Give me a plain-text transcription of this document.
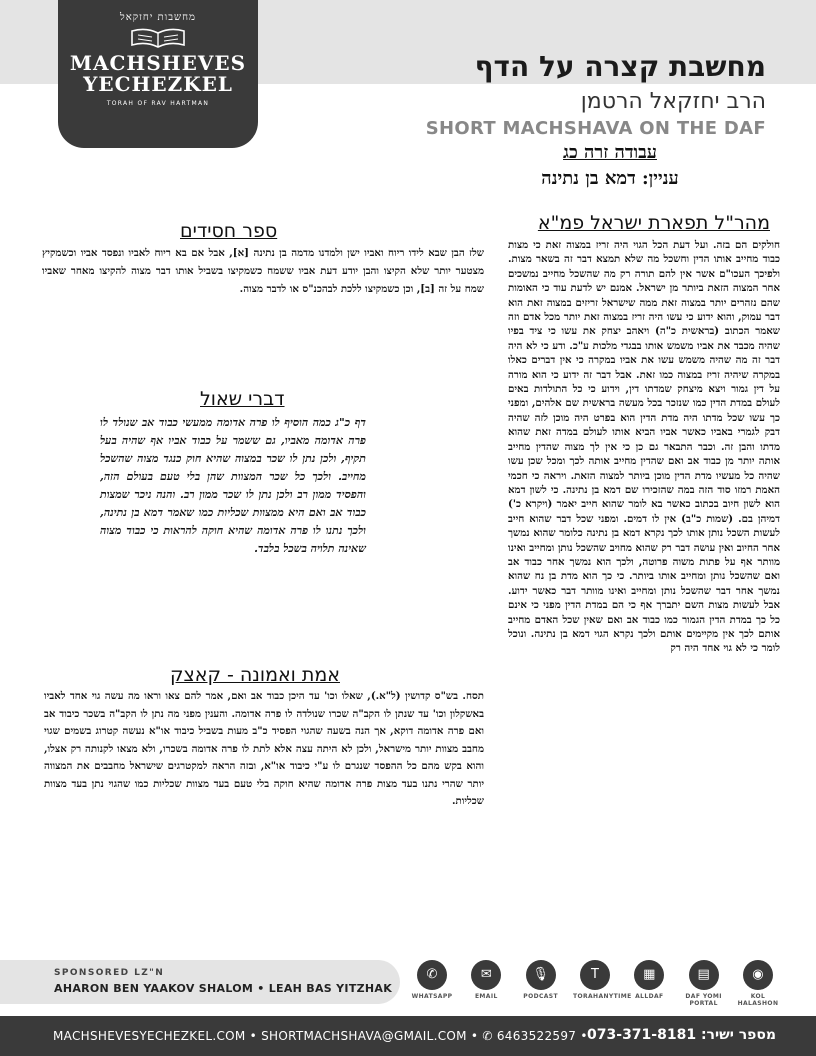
מחשבות יחזקאל
MACHSHEVES
YECHEZKEL
TORAH OF RAV HARTMAN
מחשבת קצרה על הדף
הרב יחזקאל הרטמן
SHORT MACHSHAVA ON THE DAF
עבודה זרה כג
עניין: דמא בן נתינה
מהר"ל תפארת ישראל פמ"א
חולקים הם בזה. ועל דעת הכל הגוי היה זריז במצוה זאת כי מצות כבוד מחייב אותו הדין וחשכל מה שלא תמצא דבר זה בשאר מצות. ולפיכך העכו"ם אשר אין להם תורה רק מה שהשכל מחייב נמשכים אחר המצוה הזאת ביותר מן ישראל. אמנם יש לדעת עוד כי האומות שהם נזהרים יותר במצוה זאת ממה שישראל זריזים במצוה זאת הוא דבר עמוק, והוא ידוע כי עשו היה זריז במצוה זאת יותר מכל אדם וזה שאמר הכתוב (בראשית כ"ה) ויאהב יצחק את עשו כי ציד בפיו שהיה מכבד את אביו משמש אותו בבגדי מלכות ע"כ. ודע כי לא היה דבר זה מה שהיה משמש עשו את אביו במקרה כי אין דברים כאלו במקרה שיהיה זריז במצוה כמו זאת. אבל דבר זה ידוע כי הוא מורה על דין גמור ויצא מיצחק שמדתו דין, וידוע כי כל התולדות באים לעולם במדת הדין כמו שנזכר בכל מעשה בראשית שם אלהים, ומפני כך עשו שכל מדתו היה מדת הדין הוא בפרט היה מוכן לזה שהיה דבק לגמרי באביו כאשר אביו הביא אותו לעולם במדה זאת שהוא מדתו והבן זה. וכבר התבאר גם כן כי אין לך מצוה שהדין מחייב אותה יותר מן כבוד אב ואם שהדין מחייב אותה לכך ומכל שכן עשו שהיה כל מעשיו מדת הדין מוכן ביותר למצוה הזאת. ויראה כי חכמי האמת רמזו סוד הזה במה שהזכירו שם דמא בן נתינה. כי לשון דמא הוא לשון חיוב בכתוב כאשר בא לומר שהוא חייב יאמר (ויקרא כ') דמיהן בם. (שמות כ"ב) אין לו דמים. ומפני שכל דבר שהוא חייב לעשות השכל נותן אותו לכך נקרא דמא בן נתינה כלומר שהוא נמשך אחר החיוב ואין עושה דבר רק שהוא מחויב שהשכל נותן ומחייב ואינו מוותר אף על פתות משוה פרוטה, ולכך הוא נמשך אחר כבוד אב ואם שהשכל נותן ומחייב אותו ביותר. כי כך הוא מדת בן נח שהוא נמשך אחר דבר שהשכל נותן ומחייב ואינו מוותר דבר כאשר ידוע. אבל לעשות מצות השם יתברך אף כי הם במדת הדין מפני כי אינם כל כך במדת הדין הגמור כמו כבוד אב ואם שאין שכל האדם מחייב אותם לכך אין מקיימים אותם ולכך נקרא הגוי דמא בן נתינה. ונוכל לומר כי לא גוי אחד היה רק
ספר חסידים
שלז הבן שבא לידו ריוח ואביו ישן ולמדנו מדמה בן נתינה [א], אבל אם בא ריוח לאביו ונפסד אביו וכשמקיץ מצטער יותר שלא הקיצו והבן יודע דעת אביו ששמח כשמקיצו בשביל אותו דבר מצוה להקיצו מאחר שאביו שמח על זה [ב], וכן כשמקיצו ללכת לבהכנ"ס או לדבר מצוה.
דברי שאול
דף כ"ג כמה הוסיף לו פרה אדומה ממעשי כבוד אב שנולד לו פרה אדומה מאביו, גם ששמר על כבוד אביו אף שהיה בעל תקיף, ולכן נתן לו שכר במצוה שהיא חוק כנגד מצוה שהשכל מחייב. ולכך כל שכר המצוות שהן בלי טעם בעולם הזה, והפסיד ממון רב ולכן נתן לו שכר ממון רב. והנה ניכר שמצות כבוד אב ואם היא ממצוות שכליות כמו שאמר דמא בן נתינה, ולכך נתנו לו פרה אדומה שהיא חוקה להראות כי כבוד מצוה שאינה תלויה בשכל בלבד.
אמת ואמונה - קאצק
תסח. בש"ס קדושין (ל"א.), שאלו וכו' עד היכן כבוד אב ואם, אמר להם צאו וראו מה עשה גוי אחד לאביו באשקלון וכו' עד שנתן לו הקב"ה שכרו שנולדה לו פרה אדומה. והענין מפני מה נתן לו הקב"ה בשכר כיבוד אב ואם פרה אדומה דוקא, אך הנה בשעה שהגוי הפסיד כ"ב מעות בשביל כיבוד או"א נעשה קטרוג בשמים שגוי מחבב מצוות יותר מישראל, ולכן לא היתה עצה אלא לתת לו פרה אדומה בשכרו, ולא מצאו לקנותה רק אצלו, והוא בקש מהם כל ההפסד שנגרם לו ע"י כיבוד או"א, ובזה הראה למקטרגים שישראל מחבבים את המצווה יותר שהרי נתנו בעד מצות פרה אדומה שהיא חוקה בלי טעם בעד מצוות שכליות כמו שהגוי נתן בעד מצוות שכליות.
SPONSORED LZ"N
AHARON BEN YAAKOV SHALOM • LEAH BAS YITZHAK
✆
WHATSAPP
✉
EMAIL
🎙
PODCAST
T
TORAHANYTIME
▦
ALLDAF
▤
DAF YOMI PORTAL
◉
KOL HALASHON
MACHSHEVESYECHEZKEL.COM • SHORTMACHSHAVA@GMAIL.COM • ✆ 6463522597 • מספר ישיר: 073-371-8181
